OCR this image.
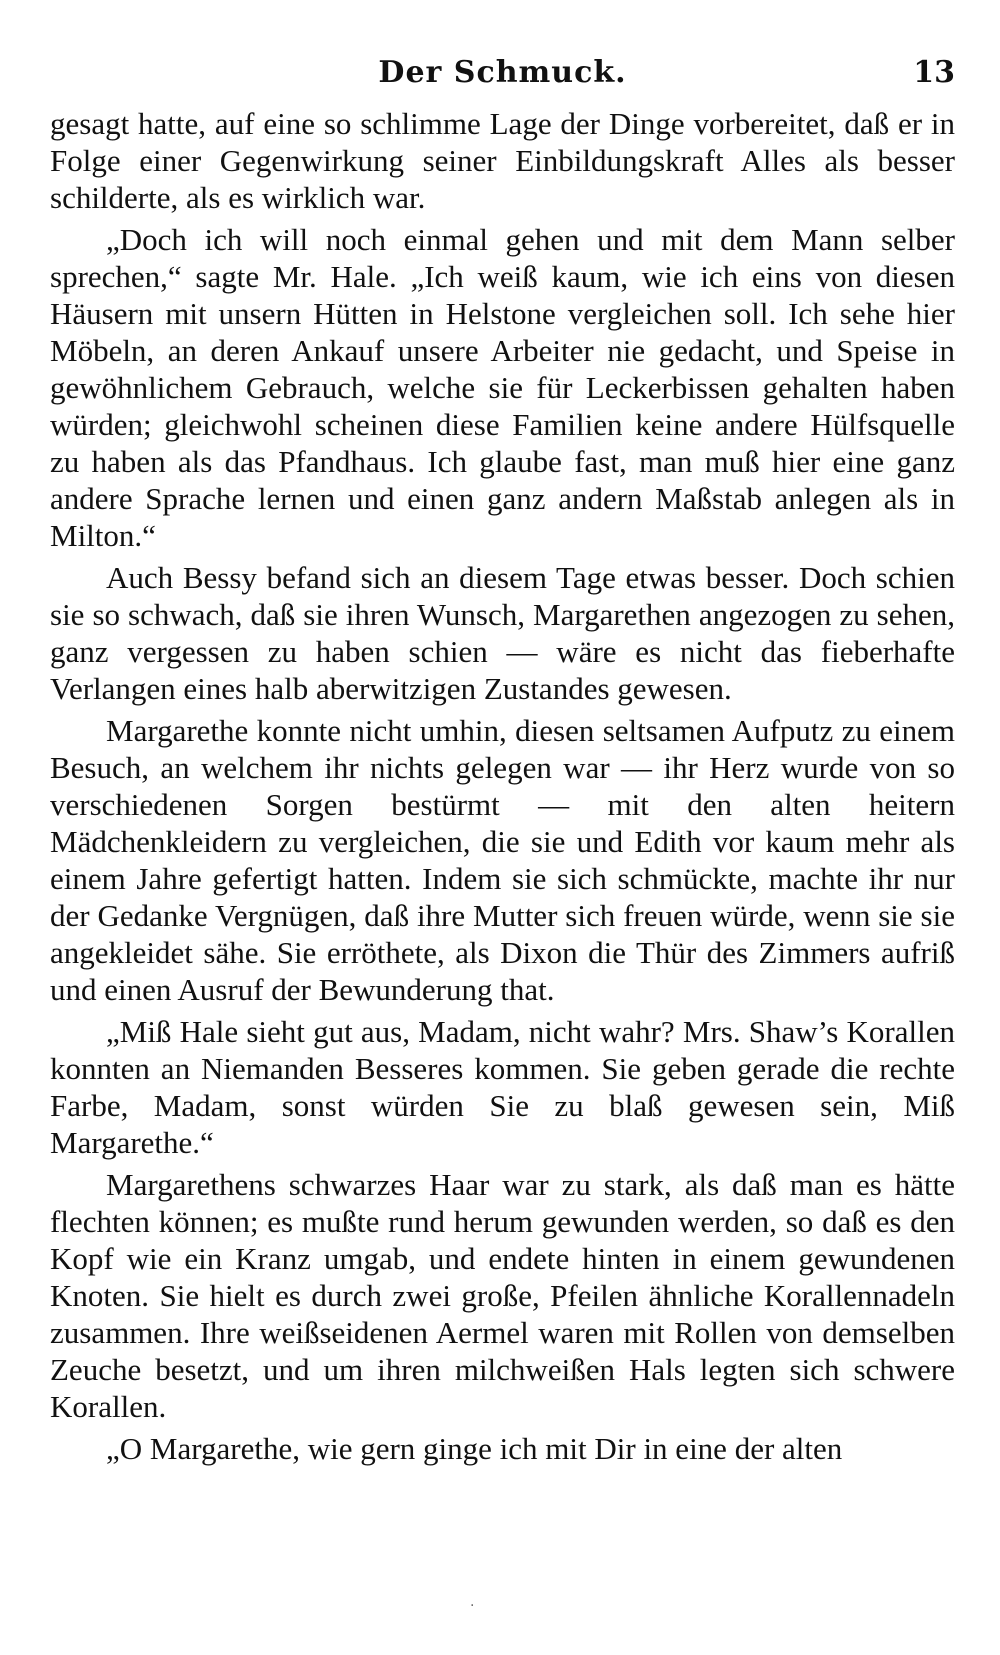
Der Schmuck.	13

gesagt hatte, auf eine so schlimme Lage der Dinge vorbereitet, daß er in Folge einer Gegenwirkung seiner Einbildungskraft Alles als besser schilderte, als es wirklich war.

„Doch ich will noch einmal gehen und mit dem Mann selber sprechen,“ sagte Mr. Hale. „Ich weiß kaum, wie ich eins von diesen Häusern mit unsern Hütten in Helstone vergleichen soll. Ich sehe hier Möbeln, an deren Ankauf unsere Arbeiter nie gedacht, und Speise in gewöhnlichem Gebrauch, welche sie für Leckerbissen gehalten haben würden; gleichwohl scheinen diese Familien keine andere Hülfsquelle zu haben als das Pfandhaus. Ich glaube fast, man muß hier eine ganz andere Sprache lernen und einen ganz andern Maßstab anlegen als in Milton.“

Auch Bessy befand sich an diesem Tage etwas besser. Doch schien sie so schwach, daß sie ihren Wunsch, Margarethen angezogen zu sehen, ganz vergessen zu haben schien — wäre es nicht das fieberhafte Verlangen eines halb aberwitzigen Zustandes gewesen.

Margarethe konnte nicht umhin, diesen seltsamen Aufputz zu einem Besuch, an welchem ihr nichts gelegen war — ihr Herz wurde von so verschiedenen Sorgen bestürmt — mit den alten heitern Mädchenkleidern zu vergleichen, die sie und Edith vor kaum mehr als einem Jahre gefertigt hatten. Indem sie sich schmückte, machte ihr nur der Gedanke Vergnügen, daß ihre Mutter sich freuen würde, wenn sie sie angekleidet sähe. Sie erröthete, als Dixon die Thür des Zimmers aufriß und einen Ausruf der Bewunderung that.

„Miß Hale sieht gut aus, Madam, nicht wahr? Mrs. Shaw’s Korallen konnten an Niemanden Besseres kommen. Sie geben gerade die rechte Farbe, Madam, sonst würden Sie zu blaß gewesen sein, Miß Margarethe.“

Margarethens schwarzes Haar war zu stark, als daß man es hätte flechten können; es mußte rund herum gewunden werden, so daß es den Kopf wie ein Kranz umgab, und endete hinten in einem gewundenen Knoten. Sie hielt es durch zwei große, Pfeilen ähnliche Korallennadeln zusammen. Ihre weißseidenen Aermel waren mit Rollen von demselben Zeuche besetzt, und um ihren milchweißen Hals legten sich schwere Korallen.

„O Margarethe, wie gern ginge ich mit Dir in eine der alten

·
